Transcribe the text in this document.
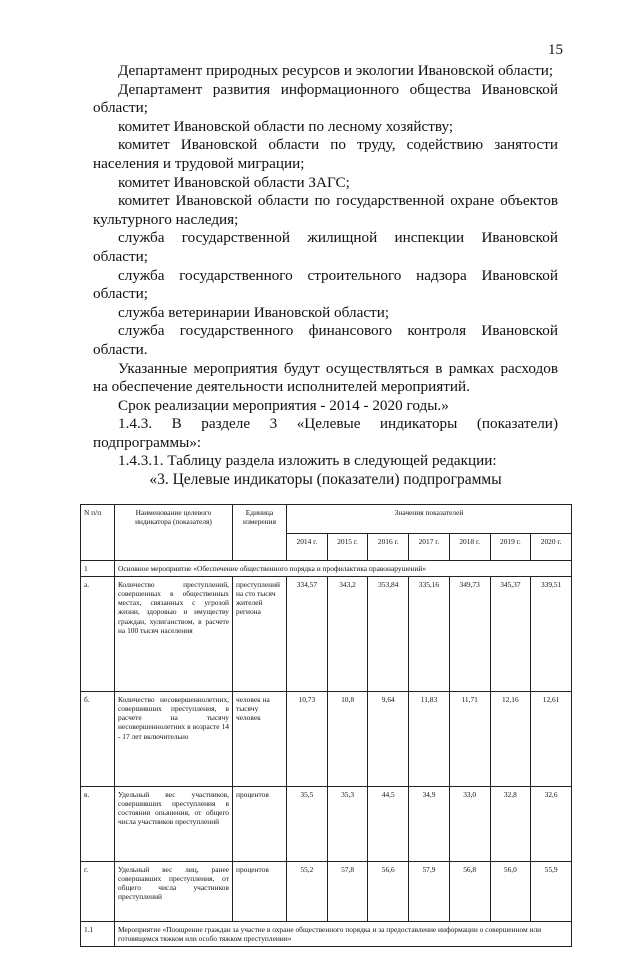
15

Департамент природных ресурсов и экологии Ивановской области;

Департамент развития информационного общества Ивановской области;

комитет Ивановской области по лесному хозяйству;

комитет Ивановской области по труду, содействию занятости населения и трудовой миграции;

комитет Ивановской области ЗАГС;

комитет Ивановской области по государственной охране объектов культурного наследия;

служба государственной жилищной инспекции Ивановской области;

служба государственного строительного надзора Ивановской области;

служба ветеринарии Ивановской области;

служба государственного финансового контроля Ивановской области.

Указанные мероприятия будут осуществляться в рамках расходов на обеспечение деятельности исполнителей мероприятий.

Срок реализации мероприятия - 2014 - 2020 годы.»

1.4.3. В разделе 3 «Целевые индикаторы (показатели) подпрограммы»:

1.4.3.1. Таблицу раздела изложить в следующей редакции:

«3. Целевые индикаторы (показатели) подпрограммы

N п/п	Наименование целевого индикатора (показателя)	Единица измерения	Значения показателей						
			2014 г.	2015 г.	2016 г.	2017 г.	2018 г.	2019 г.	2020 г.
1	Основное мероприятие «Обеспечение общественного порядка и профилактика правонарушений»								
а.	Количество преступлений, совершенных в общественных местах, связанных с угрозой жизни, здоровью и имуществу граждан, хулиганством, в расчете на 100 тысяч населения	преступлений на сто тысяч жителей региона	334,57	343,2	353,84	335,16	349,73	345,37	339,51
б.	Количество несовершеннолетних, совершивших преступления, в расчете на тысячу несовершеннолетних в возрасте 14 - 17 лет включительно	человек на тысячу человек	10,73	10,8	9,64	11,83	11,71	12,16	12,61
в.	Удельный вес участников, совершивших преступления в состоянии опьянения, от общего числа участников преступлений	процентов	35,5	35,3	44,5	34,9	33,0	32,8	32,6
г.	Удельный вес лиц, ранее совершавших преступления, от общего числа участников преступлений	процентов	55,2	57,8	56,6	57,9	56,8	56,0	55,9
1.1	Мероприятие «Поощрение граждан за участие в охране общественного порядка и за предоставление информации о совершенном или готовящемся тяжком или особо тяжком преступлении»								
